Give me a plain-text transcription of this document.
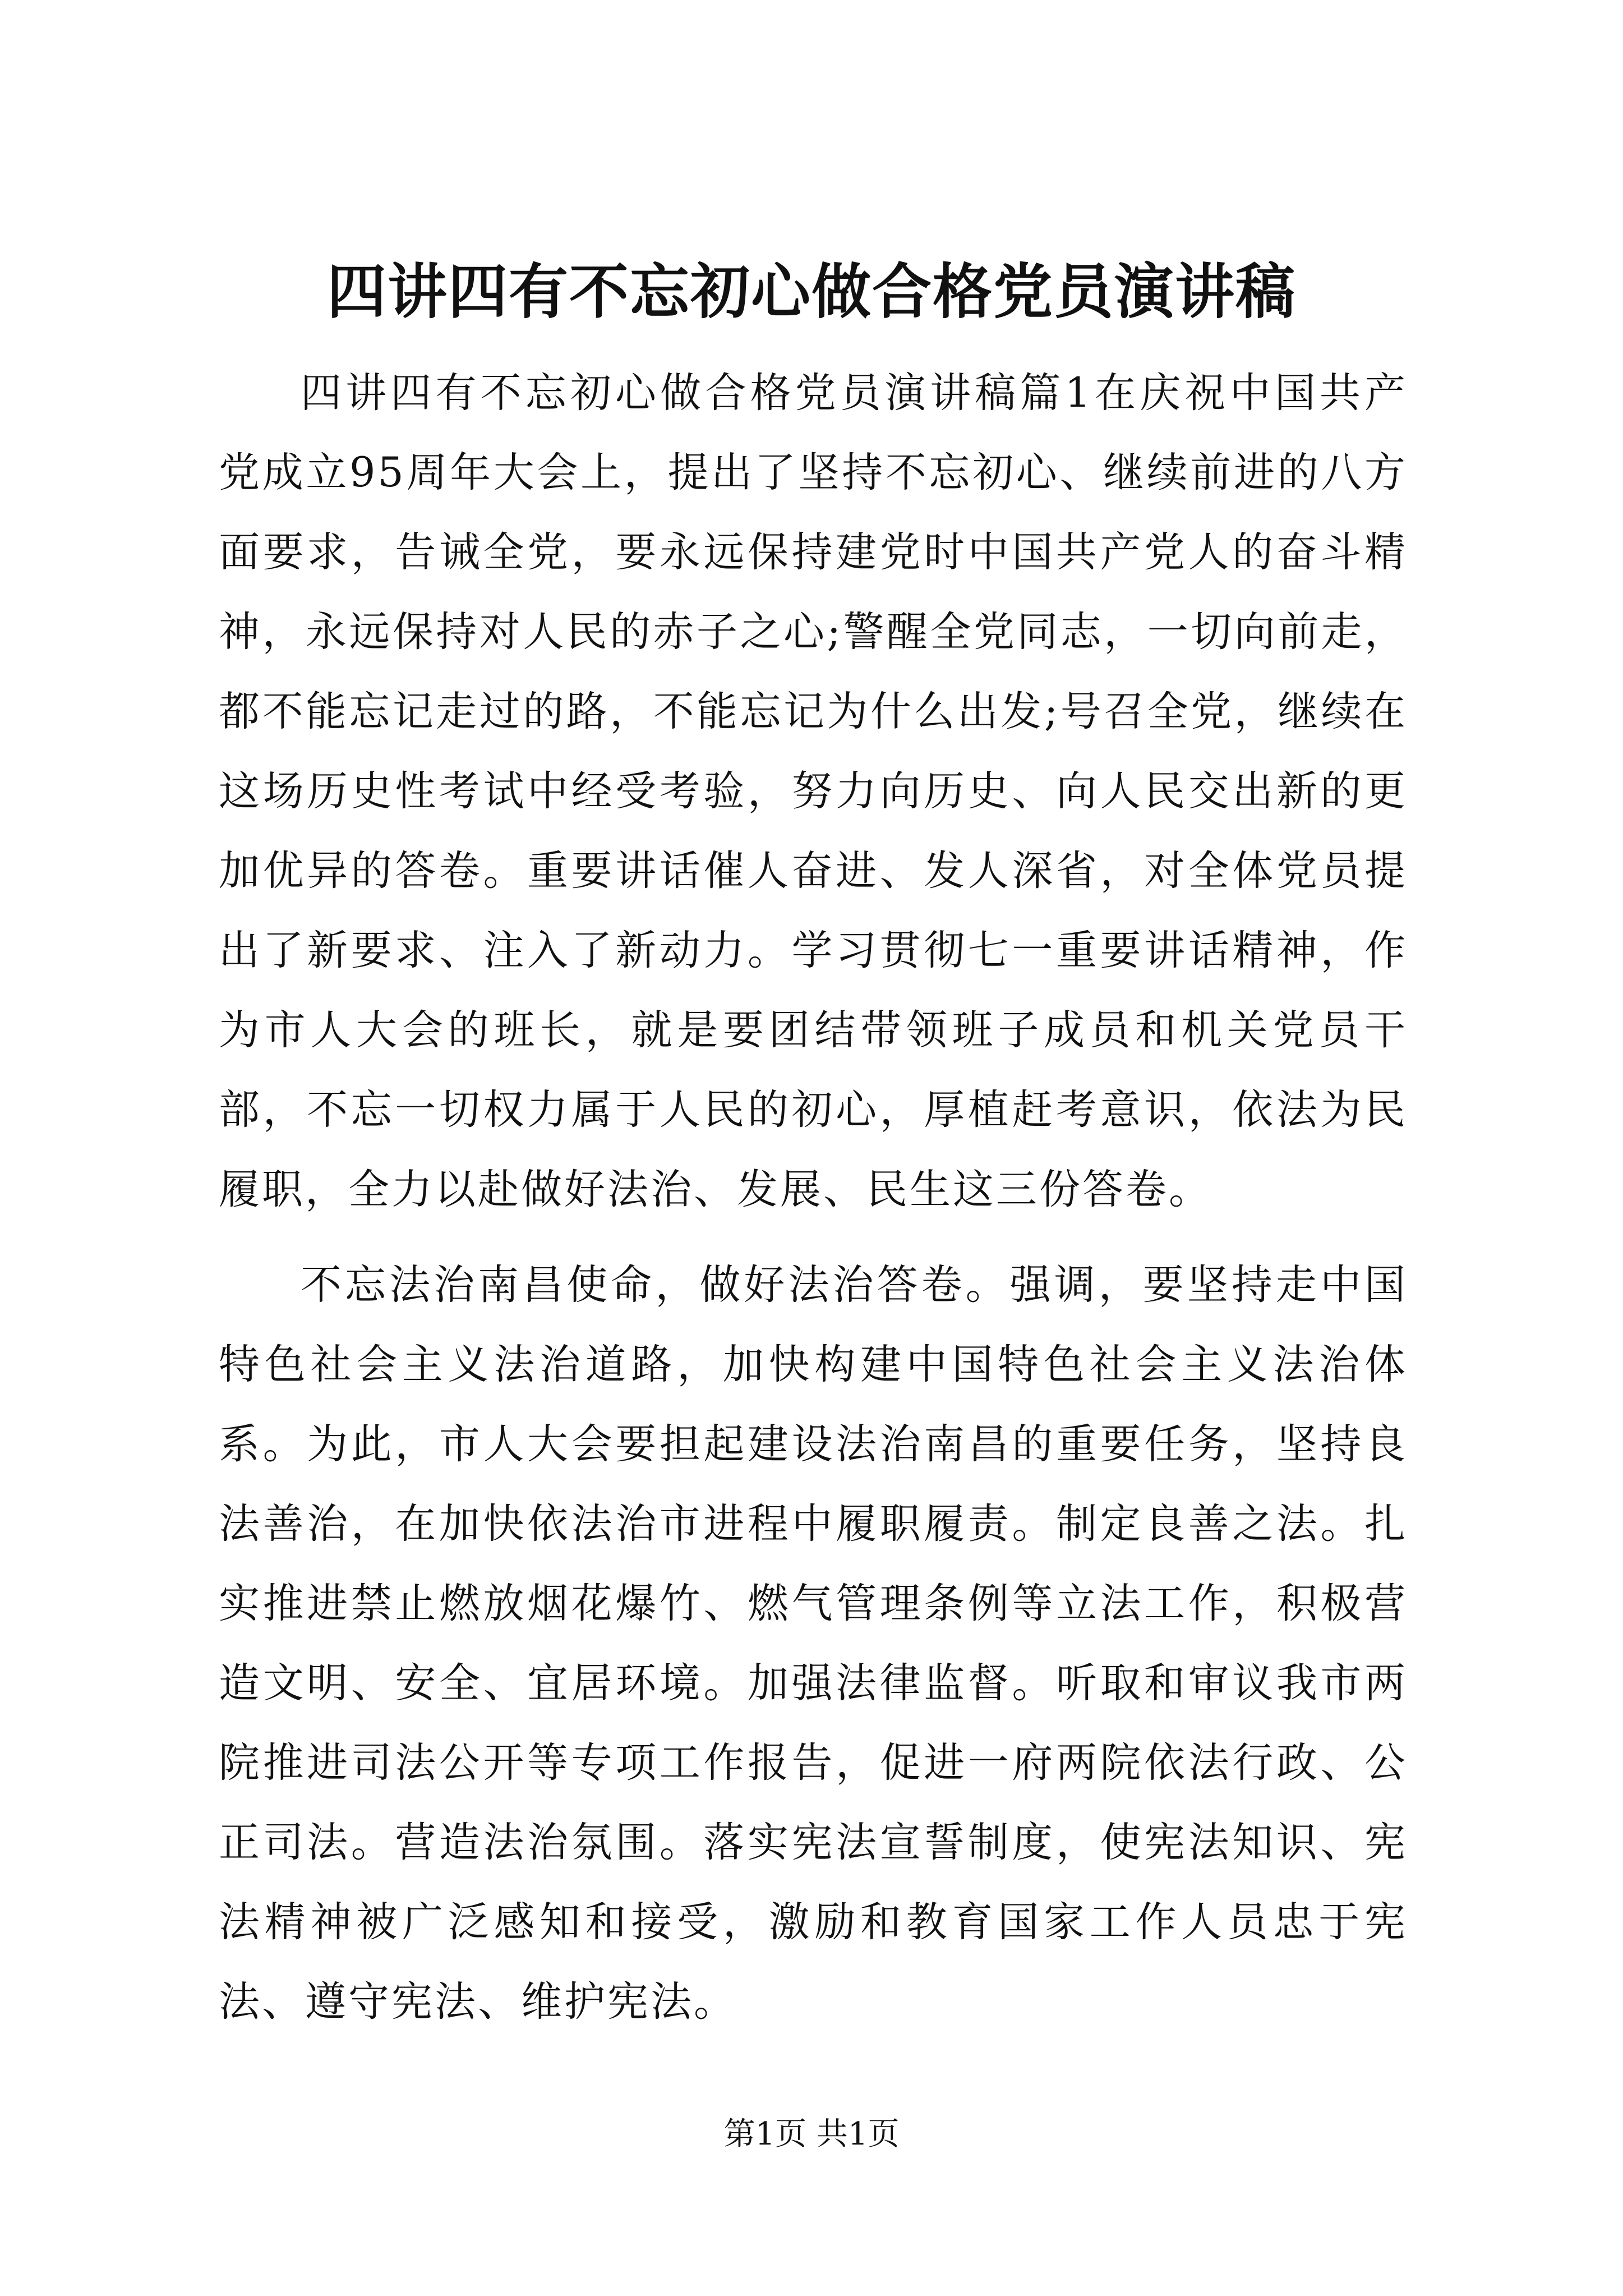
四讲四有不忘初心做合格党员演讲稿

四讲四有不忘初心做合格党员演讲稿篇1在庆祝中国共产党成立95周年大会上，提出了坚持不忘初心、继续前进的八方面要求，告诫全党，要永远保持建党时中国共产党人的奋斗精神，永远保持对人民的赤子之心;警醒全党同志，一切向前走，都不能忘记走过的路，不能忘记为什么出发;号召全党，继续在这场历史性考试中经受考验，努力向历史、向人民交出新的更加优异的答卷。重要讲话催人奋进、发人深省，对全体党员提出了新要求、注入了新动力。学习贯彻七一重要讲话精神，作为市人大会的班长，就是要团结带领班子成员和机关党员干部，不忘一切权力属于人民的初心，厚植赶考意识，依法为民履职，全力以赴做好法治、发展、民生这三份答卷。

不忘法治南昌使命，做好法治答卷。强调，要坚持走中国特色社会主义法治道路，加快构建中国特色社会主义法治体系。为此，市人大会要担起建设法治南昌的重要任务，坚持良法善治，在加快依法治市进程中履职履责。制定良善之法。扎实推进禁止燃放烟花爆竹、燃气管理条例等立法工作，积极营造文明、安全、宜居环境。加强法律监督。听取和审议我市两院推进司法公开等专项工作报告，促进一府两院依法行政、公正司法。营造法治氛围。落实宪法宣誓制度，使宪法知识、宪法精神被广泛感知和接受，激励和教育国家工作人员忠于宪法、遵守宪法、维护宪法。

第1页 共1页
